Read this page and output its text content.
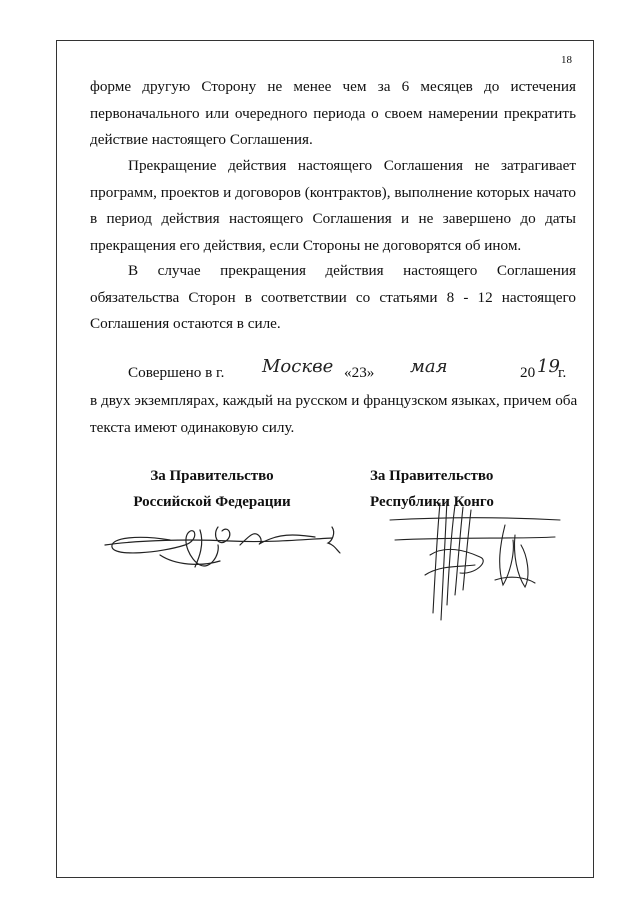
18
форме другую Сторону не менее чем за 6 месяцев до истечения
первоначального или очередного периода о своем намерении прекратить
действие настоящего Соглашения.
Прекращение действия настоящего Соглашения не затрагивает
программ, проектов и договоров (контрактов), выполнение которых начато
в период действия настоящего Соглашения и не завершено до даты
прекращения его действия, если Стороны не договорятся об ином.
В случае прекращения действия настоящего Соглашения
обязательства Сторон в соответствии со статьями 8 - 12 настоящего
Соглашения остаются в силе.
Совершено в г. Москве «23» мая	20 19
г.
в двух экземплярах, каждый на русском и французском языках, причем оба
текста имеют одинаковую силу.
За Правительство
Российской Федерации
За Правительство
Республики Конго
